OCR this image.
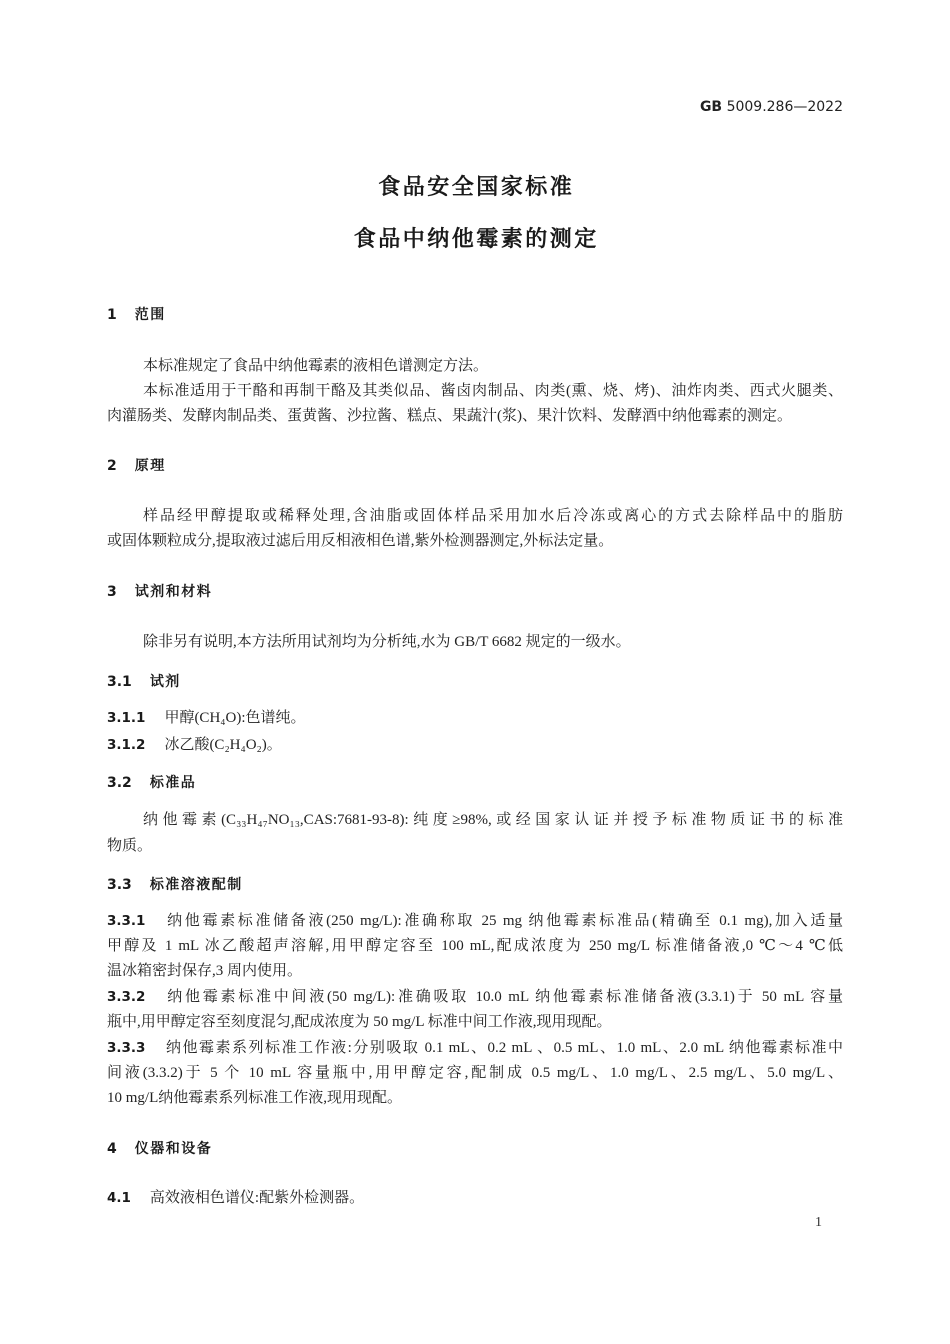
GB 5009.286—2022
食品安全国家标准
食品中纳他霉素的测定
1 范围
本标准规定了食品中纳他霉素的液相色谱测定方法。
本标准适用于干酪和再制干酪及其类似品、酱卤肉制品、肉类(熏、烧、烤)、油炸肉类、西式火腿类、
肉灌肠类、发酵肉制品类、蛋黄酱、沙拉酱、糕点、果蔬汁(浆)、果汁饮料、发酵酒中纳他霉素的测定。
2 原理
样品经甲醇提取或稀释处理,含油脂或固体样品采用加水后冷冻或离心的方式去除样品中的脂肪
或固体颗粒成分,提取液过滤后用反相液相色谱,紫外检测器测定,外标法定量。
3 试剂和材料
除非另有说明,本方法所用试剂均为分析纯,水为 GB/T 6682 规定的一级水。
3.1 试剂
3.1.1 甲醇(CH₄O):色谱纯。
3.1.2 冰乙酸(C₂H₄O₂)。
3.2 标准品
纳他霉素(C₃₃H₄₇NO₁₃,CAS:7681-93-8):纯度≥98%,或经国家认证并授予标准物质证书的标准
物质。
3.3 标准溶液配制
3.3.1 纳他霉素标准储备液(250 mg/L):准确称取 25 mg 纳他霉素标准品(精确至 0.1 mg),加入适量
甲醇及 1 mL 冰乙酸超声溶解,用甲醇定容至 100 mL,配成浓度为 250 mg/L 标准储备液,0 ℃～4 ℃低
温冰箱密封保存,3 周内使用。
3.3.2 纳他霉素标准中间液(50 mg/L):准确吸取 10.0 mL 纳他霉素标准储备液(3.3.1)于 50 mL 容量
瓶中,用甲醇定容至刻度混匀,配成浓度为 50 mg/L 标准中间工作液,现用现配。
3.3.3 纳他霉素系列标准工作液:分别吸取 0.1 mL、0.2 mL 、0.5 mL、1.0 mL、2.0 mL 纳他霉素标准中
间液(3.3.2)于 5 个 10 mL 容量瓶中,用甲醇定容,配制成 0.5 mg/L、1.0 mg/L、2.5 mg/L、5.0 mg/L、
10 mg/L纳他霉素系列标准工作液,现用现配。
4 仪器和设备
4.1 高效液相色谱仪:配紫外检测器。
1
